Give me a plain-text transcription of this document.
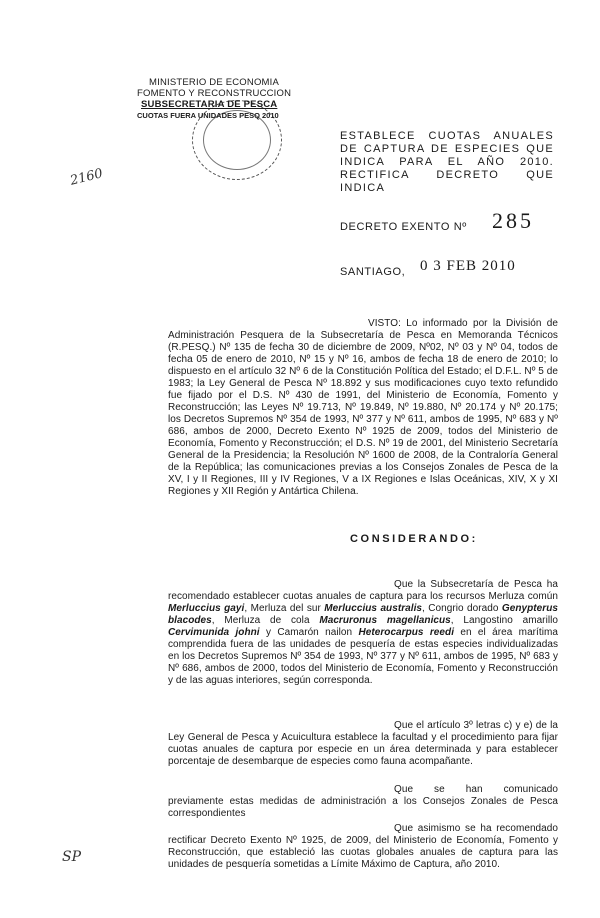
MINISTERIO DE ECONOMIA
FOMENTO Y RECONSTRUCCION
SUBSECRETARIA DE PESCA
CUOTAS FUERA UNIDADES PESQ 2010
2160
ESTABLECE CUOTAS ANUALES DE CAPTURA DE ESPECIES QUE INDICA PARA EL AÑO 2010. RECTIFICA DECRETO QUE INDICA
DECRETO EXENTO Nº 285
SANTIAGO, 0 3 FEB 2010
VISTO: Lo informado por la División de Administración Pesquera de la Subsecretaría de Pesca en Memoranda Técnicos (R.PESQ.) Nº 135 de fecha 30 de diciembre de 2009, Nº02, Nº 03 y Nº 04, todos de fecha 05 de enero de 2010, Nº 15 y Nº 16, ambos de fecha 18 de enero de 2010; lo dispuesto en el artículo 32 Nº 6 de la Constitución Política del Estado; el D.F.L. Nº 5 de 1983; la Ley General de Pesca Nº 18.892 y sus modificaciones cuyo texto refundido fue fijado por el D.S. Nº 430 de 1991, del Ministerio de Economía, Fomento y Reconstrucción; las Leyes Nº 19.713, Nº 19.849, Nº 19.880, Nº 20.174 y Nº 20.175; los Decretos Supremos Nº 354 de 1993, Nº 377 y Nº 611, ambos de 1995, Nº 683 y Nº 686, ambos de 2000, Decreto Exento Nº 1925 de 2009, todos del Ministerio de Economía, Fomento y Reconstrucción; el D.S. Nº 19 de 2001, del Ministerio Secretaría General de la Presidencia; la Resolución Nº 1600 de 2008, de la Contraloría General de la República; las comunicaciones previas a los Consejos Zonales de Pesca de la XV, I y II Regiones, III y IV Regiones, V a IX Regiones e Islas Oceánicas, XIV, X y XI Regiones y XII Región y Antártica Chilena.
CONSIDERANDO:
Que la Subsecretaría de Pesca ha recomendado establecer cuotas anuales de captura para los recursos Merluza común Merluccius gayi, Merluza del sur Merluccius australis, Congrio dorado Genypterus blacodes, Merluza de cola Macruronus magellanicus, Langostino amarillo Cervimunida johni y Camarón nailon Heterocarpus reedi en el área marítima comprendida fuera de las unidades de pesquería de estas especies individualizadas en los Decretos Supremos Nº 354 de 1993, Nº 377 y Nº 611, ambos de 1995, Nº 683 y Nº 686, ambos de 2000, todos del Ministerio de Economía, Fomento y Reconstrucción y de las aguas interiores, según corresponda.
Que el artículo 3º letras c) y e) de la Ley General de Pesca y Acuicultura establece la facultad y el procedimiento para fijar cuotas anuales de captura por especie en un área determinada y para establecer porcentaje de desembarque de especies como fauna acompañante.
Que se han comunicado previamente estas medidas de administración a los Consejos Zonales de Pesca correspondientes
Que asimismo se ha recomendado rectificar Decreto Exento Nº 1925, de 2009, del Ministerio de Economía, Fomento y Reconstrucción, que estableció las cuotas globales anuales de captura para las unidades de pesquería sometidas a Límite Máximo de Captura, año 2010.
SP
